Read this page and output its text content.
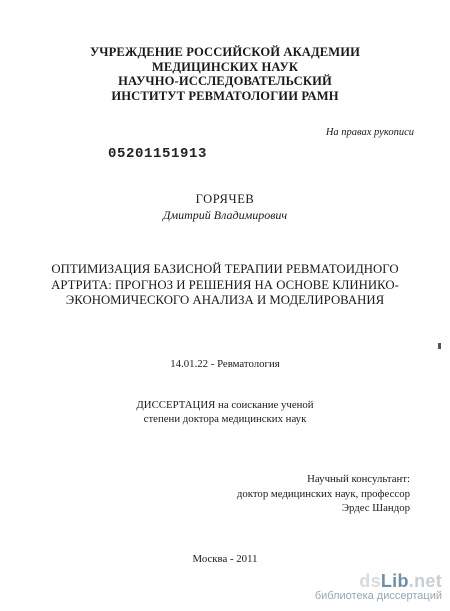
УЧРЕЖДЕНИЕ РОССИЙСКОЙ АКАДЕМИИ
МЕДИЦИНСКИХ НАУК
НАУЧНО-ИССЛЕДОВАТЕЛЬСКИЙ
ИНСТИТУТ РЕВМАТОЛОГИИ РАМН
На правах рукописи
05201151913
ГОРЯЧЕВ
Дмитрий Владимирович
ОПТИМИЗАЦИЯ БАЗИСНОЙ ТЕРАПИИ РЕВМАТОИДНОГО
АРТРИТА: ПРОГНОЗ И РЕШЕНИЯ НА ОСНОВЕ КЛИНИКО-
ЭКОНОМИЧЕСКОГО АНАЛИЗА И МОДЕЛИРОВАНИЯ
14.01.22 - Ревматология
ДИССЕРТАЦИЯ на соискание ученой
степени доктора медицинских наук
Научный консультант:
доктор медицинских наук, профессор
Эрдес Шандор
Москва - 2011
dsLib.net
библиотека диссертаций
